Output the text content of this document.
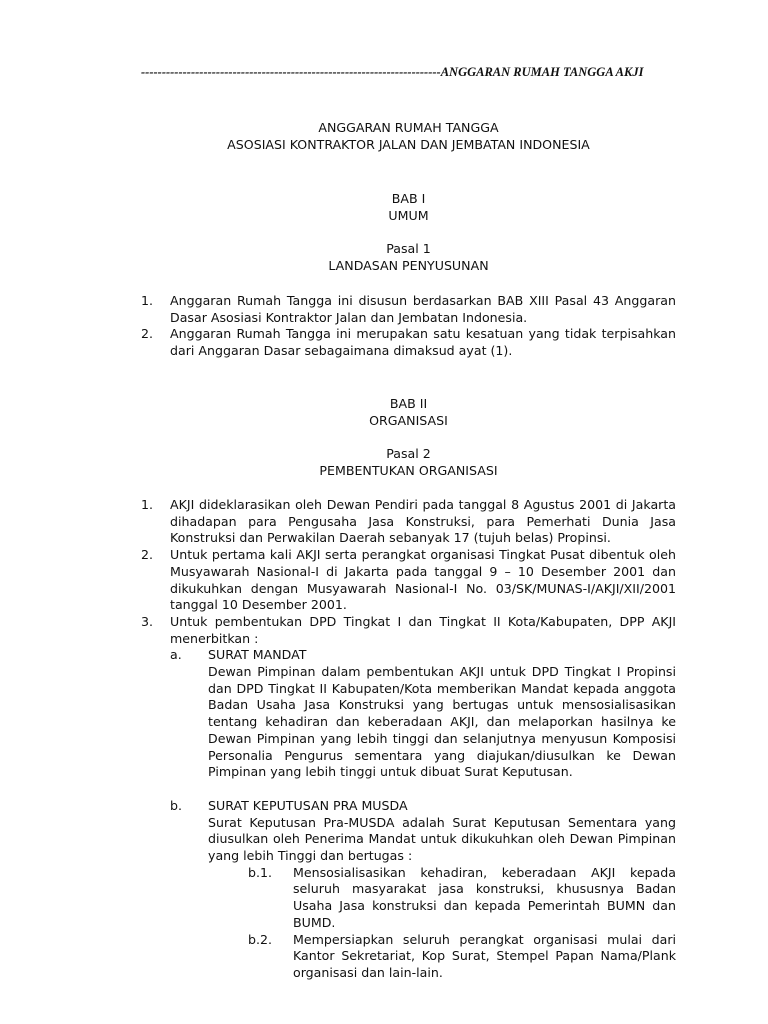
------------------------------------------------------------------------ANGGARAN RUMAH TANGGA AKJI
ANGGARAN RUMAH TANGGA
ASOSIASI KONTRAKTOR JALAN DAN JEMBATAN INDONESIA
BAB I
UMUM
Pasal 1
LANDASAN PENYUSUNAN
1.	Anggaran Rumah Tangga ini disusun berdasarkan BAB XIII Pasal 43 Anggaran Dasar Asosiasi Kontraktor Jalan dan Jembatan Indonesia.
2.	Anggaran Rumah Tangga ini merupakan satu kesatuan yang tidak terpisahkan dari Anggaran Dasar sebagaimana dimaksud ayat (1).
BAB II
ORGANISASI
Pasal 2
PEMBENTUKAN ORGANISASI
1.	AKJI dideklarasikan oleh Dewan Pendiri pada tanggal 8 Agustus 2001 di Jakarta dihadapan para Pengusaha Jasa Konstruksi, para Pemerhati Dunia Jasa Konstruksi dan Perwakilan Daerah sebanyak 17 (tujuh belas) Propinsi.
2.	Untuk pertama kali AKJI serta perangkat organisasi Tingkat Pusat dibentuk oleh Musyawarah Nasional-I di Jakarta pada tanggal 9 – 10 Desember 2001 dan dikukuhkan dengan Musyawarah Nasional-I No. 03/SK/MUNAS-I/AKJI/XII/2001 tanggal 10 Desember 2001.
3.	Untuk pembentukan DPD Tingkat I dan Tingkat II Kota/Kabupaten, DPP AKJI menerbitkan :
a.	SURAT MANDAT
Dewan Pimpinan dalam pembentukan AKJI untuk DPD Tingkat I Propinsi dan DPD Tingkat II Kabupaten/Kota memberikan Mandat kepada anggota Badan Usaha Jasa Konstruksi yang bertugas untuk mensosialisasikan tentang kehadiran dan keberadaan AKJI, dan melaporkan hasilnya ke Dewan Pimpinan yang lebih tinggi dan selanjutnya menyusun Komposisi Personalia Pengurus sementara yang diajukan/diusulkan ke Dewan Pimpinan yang lebih tinggi untuk dibuat Surat Keputusan.
b.	SURAT KEPUTUSAN PRA MUSDA
Surat Keputusan Pra-MUSDA adalah Surat Keputusan Sementara yang diusulkan oleh Penerima Mandat untuk dikukuhkan oleh Dewan Pimpinan yang lebih Tinggi dan bertugas :
b.1.	Mensosialisasikan kehadiran, keberadaan AKJI kepada seluruh masyarakat jasa konstruksi, khususnya Badan Usaha Jasa konstruksi dan kepada Pemerintah BUMN dan BUMD.
b.2.	Mempersiapkan seluruh perangkat organisasi mulai dari Kantor Sekretariat, Kop Surat, Stempel Papan Nama/Plank organisasi dan lain-lain.
